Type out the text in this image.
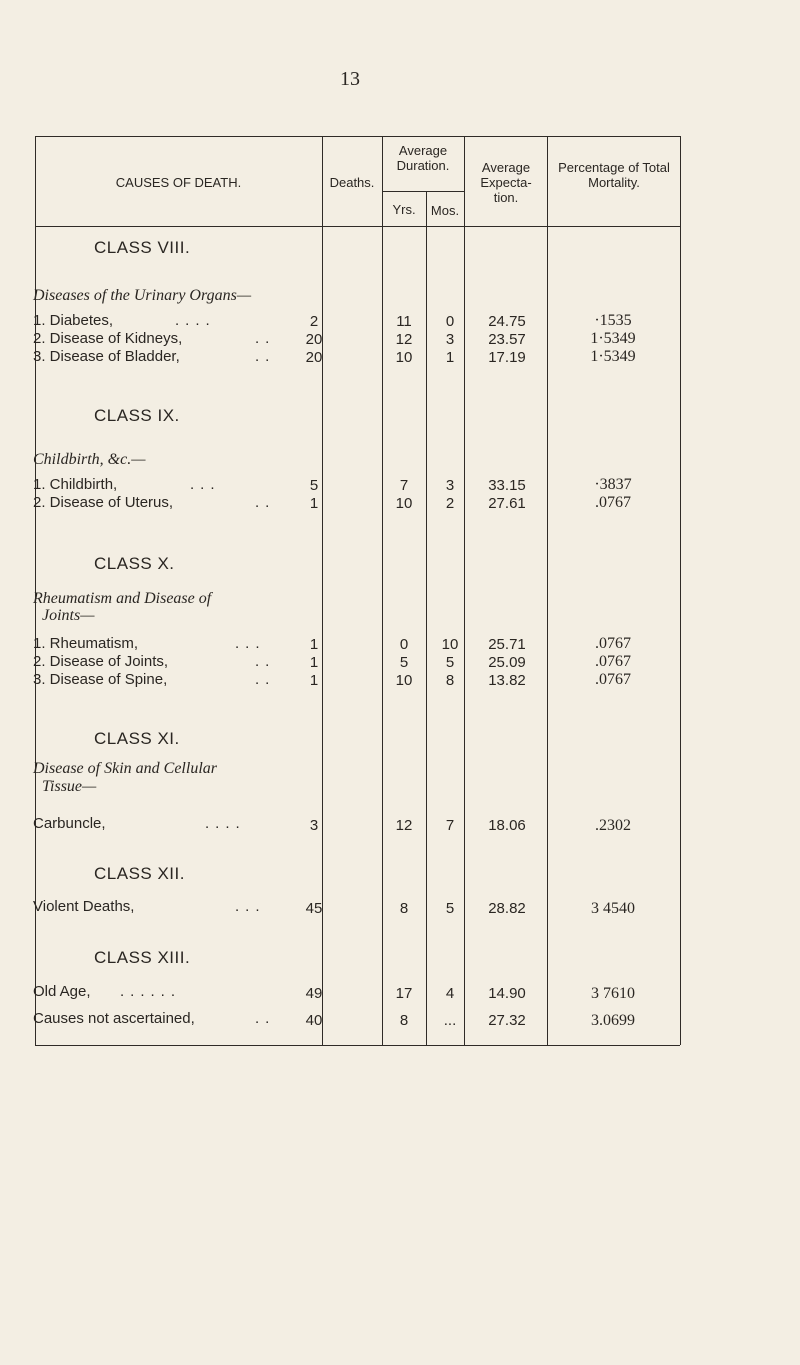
13
CAUSES OF DEATH.	Deaths.
Average Duration.
Yrs.	Mos.
Average Expecta- tion.
Percentage of Total Mortality.
CLASS VIII.
Diseases of the Urinary Organs—
1. Diabetes,	....	2	11	0	24.75	·1535
2. Disease of Kidneys,	..	20	12	3	23.57	1·5349
3. Disease of Bladder,	..	20	10	1	17.19	1·5349
CLASS IX.
Childbirth, &c.—
1. Childbirth,	...	5	7	3	33.15	·3837
2. Disease of Uterus,	..	1	10	2	27.61	.0767
CLASS X.
Rheumatism and Disease of
Joints—
1. Rheumatism,	...	1	0	10	25.71	.0767
2. Disease of Joints,	..	1	5	5	25.09	.0767
3. Disease of Spine,	..	1	10	8	13.82	.0767
CLASS XI.
Disease of Skin and Cellular
Tissue—
Carbuncle,	....	3	12	7	18.06	.2302
CLASS XII.
Violent Deaths,	...	45	8	5	28.82	3 4540
CLASS XIII.
Old Age, ......	49	17	4	14.90	3 7610
Causes not ascertained,	..	40	8	...	27.32	3.0699
